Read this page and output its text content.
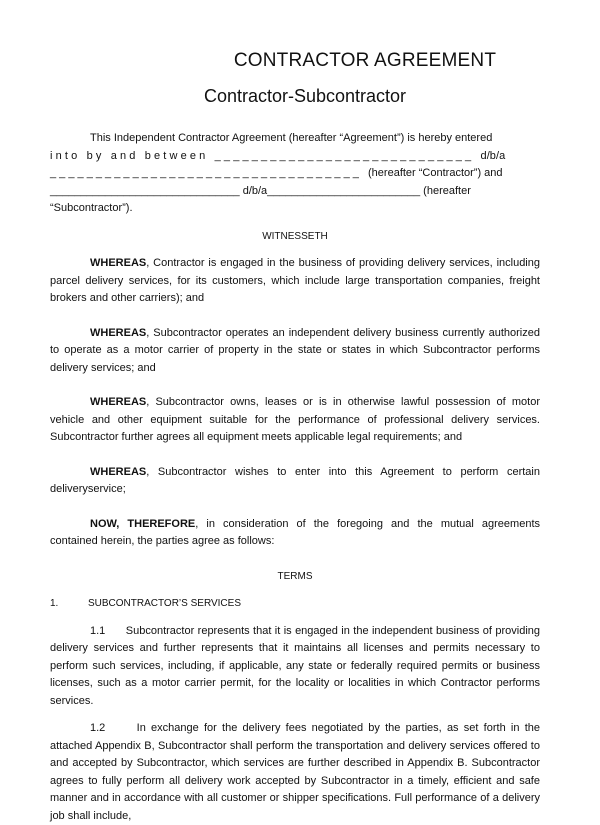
CONTRACTOR AGREEMENT
Contractor-Subcontractor
This Independent Contractor Agreement (hereafter “Agreement”) is hereby entered
i n t o   b y   a n d   b e t w e e n   _ _ _ _ _ _ _ _ _ _ _ _ _ _ _ _ _ _ _ _ _ _ _ _ _ _ _ _   d/b/a
_ _ _ _ _ _ _ _ _ _ _ _ _ _ _ _ _ _ _ _ _ _ _ _ _ _ _ _ _ _ _ _ _ _   (hereafter “Contractor”) and
_______________________________ d/b/a_________________________ (hereafter
“Subcontractor”).

WITNESSETH

WHEREAS, Contractor is engaged in the business of providing delivery services, including parcel delivery services, for its customers, which include large transportation companies, freight brokers and other carriers); and

WHEREAS, Subcontractor operates an independent delivery business currently authorized to operate as a motor carrier of property in the state or states in which Subcontractor performs delivery services; and

WHEREAS, Subcontractor owns, leases or is in otherwise lawful possession of motor vehicle and other equipment suitable for the performance of professional delivery services. Subcontractor further agrees all equipment meets applicable legal requirements; and

WHEREAS, Subcontractor wishes to enter into this Agreement to perform certain deliveryservice;

NOW, THEREFORE, in consideration of the foregoing and the mutual agreements contained herein, the parties agree as follows:

TERMS

1.	SUBCONTRACTOR’S SERVICES

1.1 Subcontractor represents that it is engaged in the independent business of providing delivery services and further represents that it maintains all licenses and permits necessary to perform such services, including, if applicable, any state or federally required permits or business licenses, such as a motor carrier permit, for the locality or localities in which Contractor performs services.

1.2	In exchange for the delivery fees negotiated by the parties, as set forth in the attached Appendix B, Subcontractor shall perform the transportation and delivery services offered to and accepted by Subcontractor, which services are further described in Appendix B. Subcontractor agrees to fully perform all delivery work accepted by Subcontractor in a timely, efficient and safe manner and in accordance with all customer or shipper specifications. Full performance of a delivery job shall include,
